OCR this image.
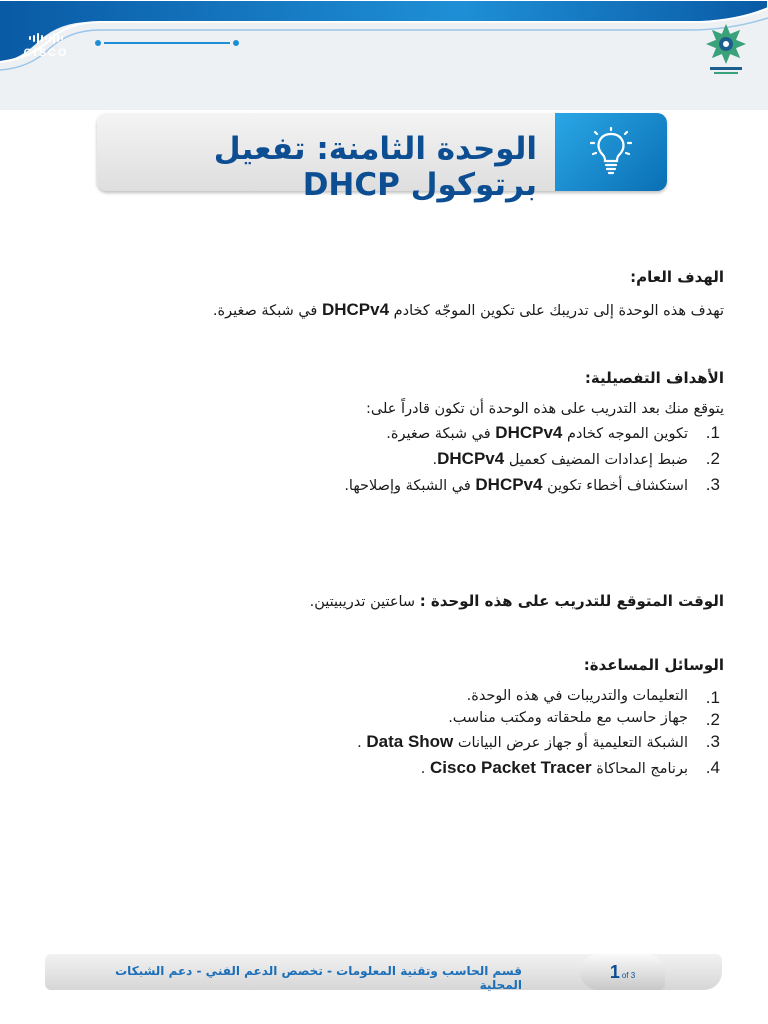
CISCO
الوحدة الثامنة: تفعيل برتوكول DHCP
الهدف العام:
تهدف هذه الوحدة إلى تدريبك على تكوين الموجّه كخادم DHCPv4 في شبكة صغيرة.
الأهداف التفصيلية:
يتوقع منك بعد التدريب على هذه الوحدة أن تكون قادراً على:
1.
تكوين الموجه كخادم DHCPv4 في شبكة صغيرة.
2.
ضبط إعدادات المضيف كعميل DHCPv4.
3.
استكشاف أخطاء تكوين DHCPv4 في الشبكة وإصلاحها.
الوقت المتوقع للتدريب على هذه الوحدة : ساعتين تدريبيتين.
الوسائل المساعدة:
1.
التعليمات والتدريبات في هذه الوحدة.
2.
جهاز حاسب مع ملحقاته ومكتب مناسب.
3.
الشبكة التعليمية أو جهاز عرض البيانات Data Show .
4.
برنامج المحاكاة Cisco Packet Tracer .
قسم الحاسب وتقنية المعلومات - تخصص الدعم الفني - دعم الشبكات المحلية
1 of 3
